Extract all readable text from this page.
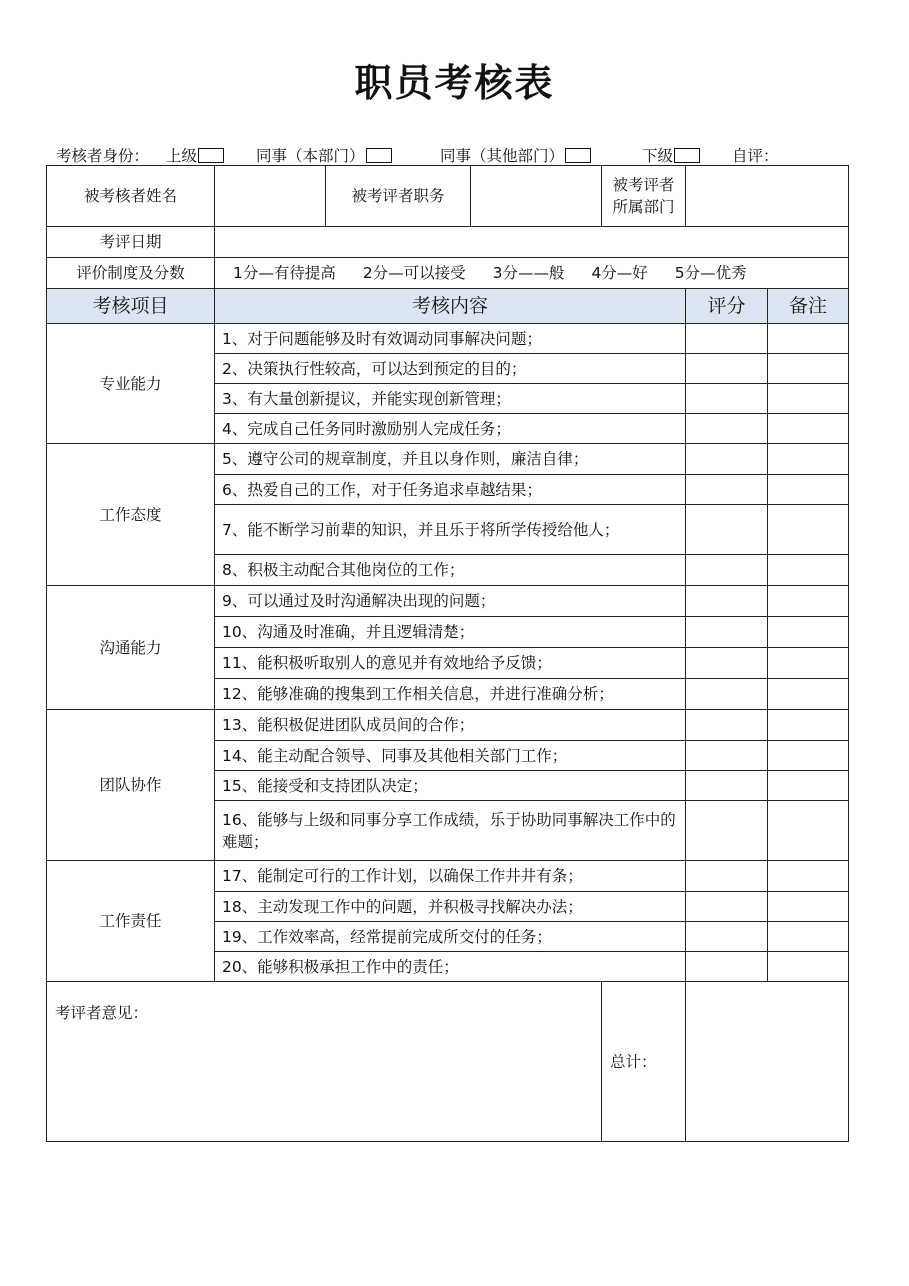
职员考核表
考核者身份： 上级	同事（本部门）	同事（其他部门）	下级	自评：
被考核者姓名		被考评者职务		被考评者所属部门		
考评日期						
评价制度及分数	1分—有待提高 2分—可以接受 3分——般 4分—好 5分—优秀					
考核项目	考核内容				评分	备注
专业能力	1、对于问题能够及时有效调动同事解决问题；					
	2、决策执行性较高，可以达到预定的目的；					
	3、有大量创新提议，并能实现创新管理；					
	4、完成自己任务同时激励别人完成任务；					
工作态度	5、遵守公司的规章制度，并且以身作则，廉洁自律；					
	6、热爱自己的工作，对于任务追求卓越结果；					
	7、能不断学习前辈的知识，并且乐于将所学传授给他人；					
	8、积极主动配合其他岗位的工作；					
沟通能力	9、可以通过及时沟通解决出现的问题；					
	10、沟通及时准确，并且逻辑清楚；					
	11、能积极听取别人的意见并有效地给予反馈；					
	12、能够准确的搜集到工作相关信息，并进行准确分析；					
团队协作	13、能积极促进团队成员间的合作；					
	14、能主动配合领导、同事及其他相关部门工作；					
	15、能接受和支持团队决定；					
	16、能够与上级和同事分享工作成绩，乐于协助同事解决工作中的难题；					
工作责任	17、能制定可行的工作计划，以确保工作井井有条；					
	18、主动发现工作中的问题，并积极寻找解决办法；					
	19、工作效率高，经常提前完成所交付的任务；					
	20、能够积极承担工作中的责任；					
考评者意见：				总计：		
